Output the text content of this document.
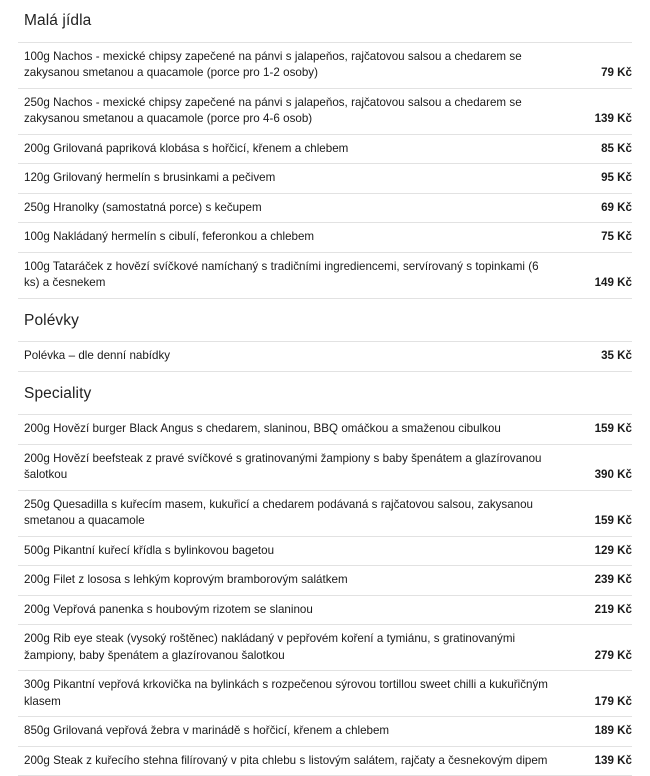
Malá jídla
100g Nachos - mexické chipsy zapečené na pánvi s jalapeňos, rajčatovou salsou a chedarem se zakysanou smetanou a quacamole (porce pro 1-2 osoby)	79 Kč
250g Nachos - mexické chipsy zapečené na pánvi s jalapeňos, rajčatovou salsou a chedarem se zakysanou smetanou a quacamole (porce pro 4-6 osob)	139 Kč
200g Grilovaná papriková klobása s hořčicí, křenem a chlebem	85 Kč
120g Grilovaný hermelín s brusinkami a pečivem	95 Kč
250g Hranolky (samostatná porce) s kečupem	69 Kč
100g Nakládaný hermelín s cibulí, feferonkou a chlebem	75 Kč
100g Tataráček z hovězí svíčkové namíchaný s tradičními ingrediencemi, servírovaný s topinkami (6 ks) a česnekem	149 Kč
Polévky
Polévka – dle denní nabídky	35 Kč
Speciality
200g Hovězí burger Black Angus s chedarem, slaninou, BBQ omáčkou a smaženou cibulkou	159 Kč
200g Hovězí beefsteak z pravé svíčkové s gratinovanými žampiony s baby špenátem a glazírovanou šalotkou	390 Kč
250g Quesadilla s kuřecím masem, kukuřicí a chedarem podávaná s rajčatovou salsou, zakysanou smetanou a quacamole	159 Kč
500g Pikantní kuřecí křídla s bylinkovou bagetou	129 Kč
200g Filet z lososa s lehkým koprovým bramborovým salátkem	239 Kč
200g Vepřová panenka s houbovým rizotem se slaninou	219 Kč
200g Rib eye steak (vysoký roštěnec) nakládaný v pepřovém koření a tymiánu, s gratinovanými žampiony, baby špenátem a glazírovanou šalotkou	279 Kč
300g Pikantní vepřová krkovička na bylinkách s rozpečenou sýrovou tortillou sweet chilli a kukuřičným klasem	179 Kč
850g Grilovaná vepřová žebra v marinádě s hořčicí, křenem a chlebem	189 Kč
200g Steak z kuřecího stehna filírovaný v pita chlebu s listovým salátem, rajčaty a česnekovým dipem	139 Kč
